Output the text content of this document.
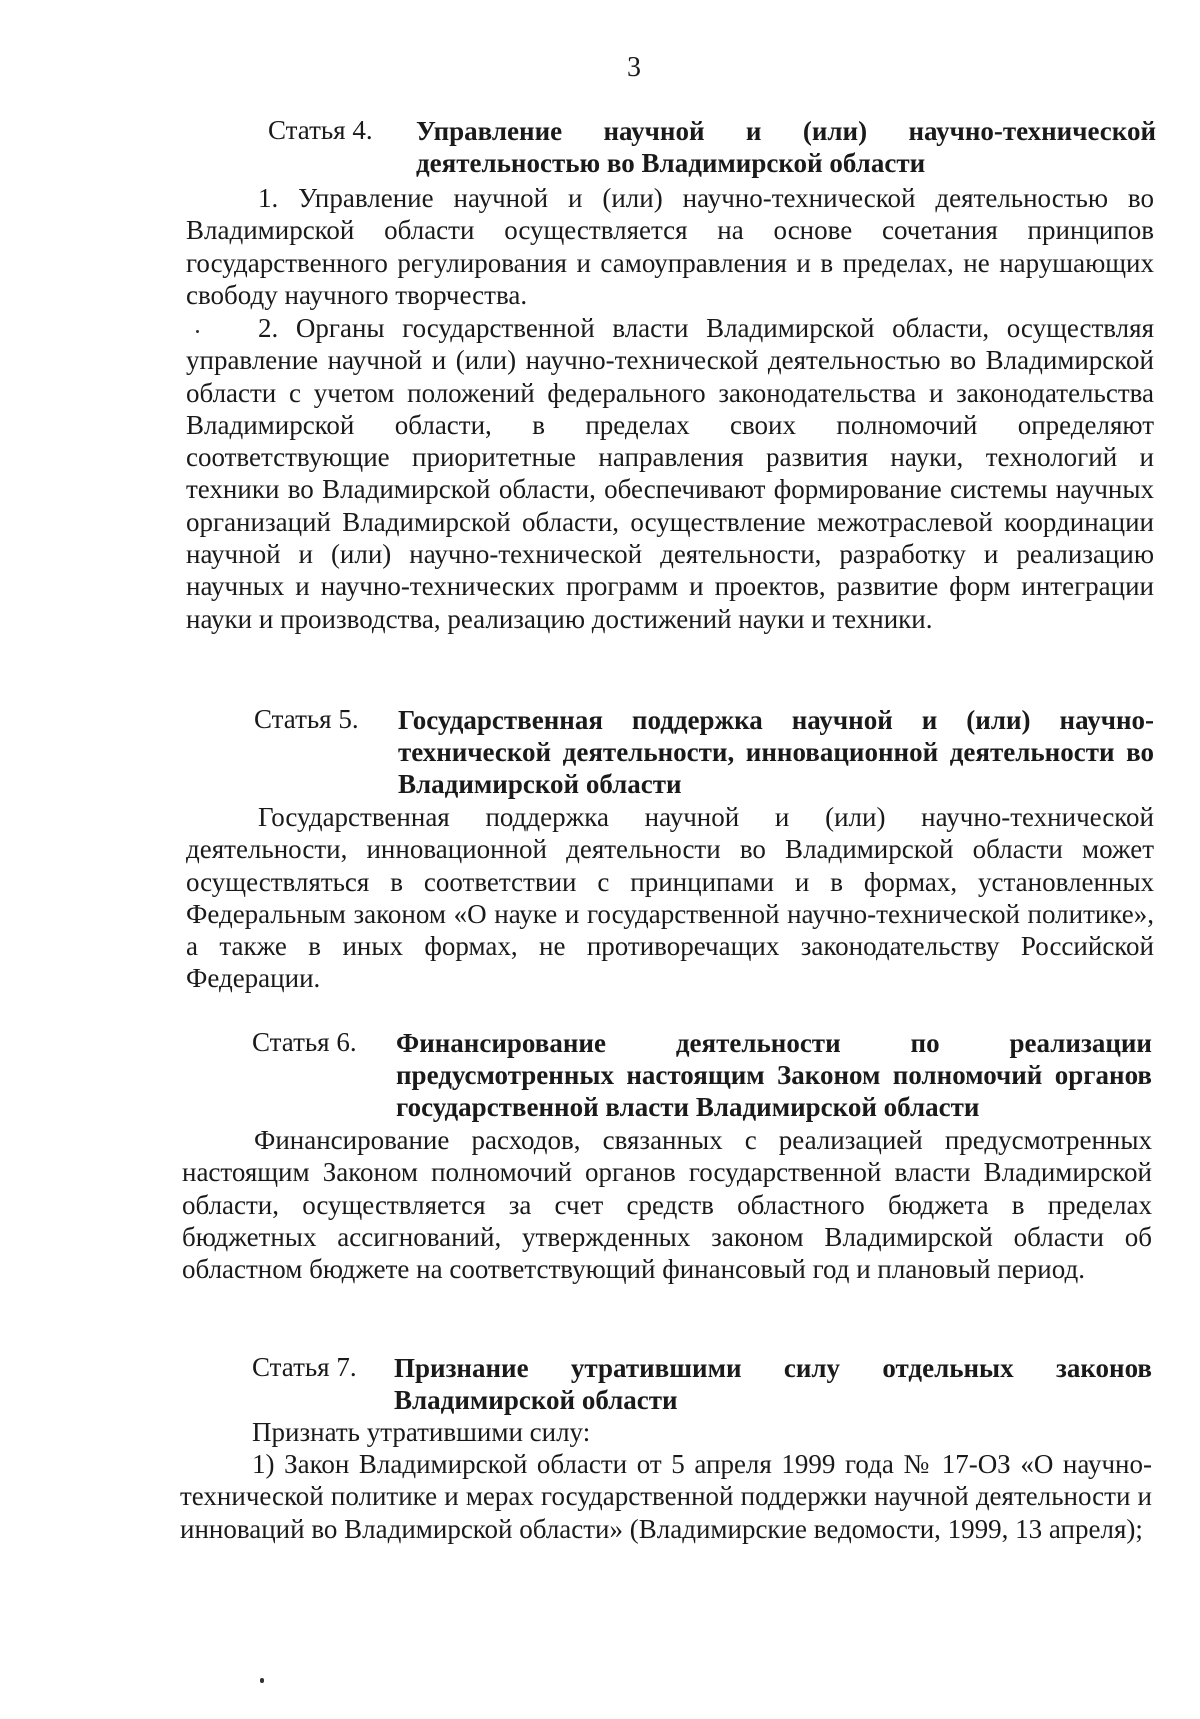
3
Статья 4. Управление научной и (или) научно-технической деятельностью во Владимирской области

1. Управление научной и (или) научно-технической деятельностью во Владимирской области осуществляется на основе сочетания принципов государственного регулирования и самоуправления и в пределах, не нарушающих свободу научного творчества.

2. Органы государственной власти Владимирской области, осуществляя управление научной и (или) научно-технической деятельностью во Владимирской области с учетом положений федерального законодательства и законодательства Владимирской области, в пределах своих полномочий определяют соответствующие приоритетные направления развития науки, технологий и техники во Владимирской области, обеспечивают формирование системы научных организаций Владимирской области, осуществление межотраслевой координации научной и (или) научно-технической деятельности, разработку и реализацию научных и научно-технических программ и проектов, развитие форм интеграции науки и производства, реализацию достижений науки и техники.

Статья 5. Государственная поддержка научной и (или) научно-технической деятельности, инновационной деятельности во Владимирской области

Государственная поддержка научной и (или) научно-технической деятельности, инновационной деятельности во Владимирской области может осуществляться в соответствии с принципами и в формах, установленных Федеральным законом «О науке и государственной научно-технической политике», а также в иных формах, не противоречащих законодательству Российской Федерации.

Статья 6. Финансирование деятельности по реализации предусмотренных настоящим Законом полномочий органов государственной власти Владимирской области

Финансирование расходов, связанных с реализацией предусмотренных настоящим Законом полномочий органов государственной власти Владимирской области, осуществляется за счет средств областного бюджета в пределах бюджетных ассигнований, утвержденных законом Владимирской области об областном бюджете на соответствующий финансовый год и плановый период.

Статья 7. Признание утратившими силу отдельных законов Владимирской области

Признать утратившими силу:

1) Закон Владимирской области от 5 апреля 1999 года № 17-ОЗ «О научно-технической политике и мерах государственной поддержки научной деятельности и инноваций во Владимирской области» (Владимирские ведомости, 1999, 13 апреля);
